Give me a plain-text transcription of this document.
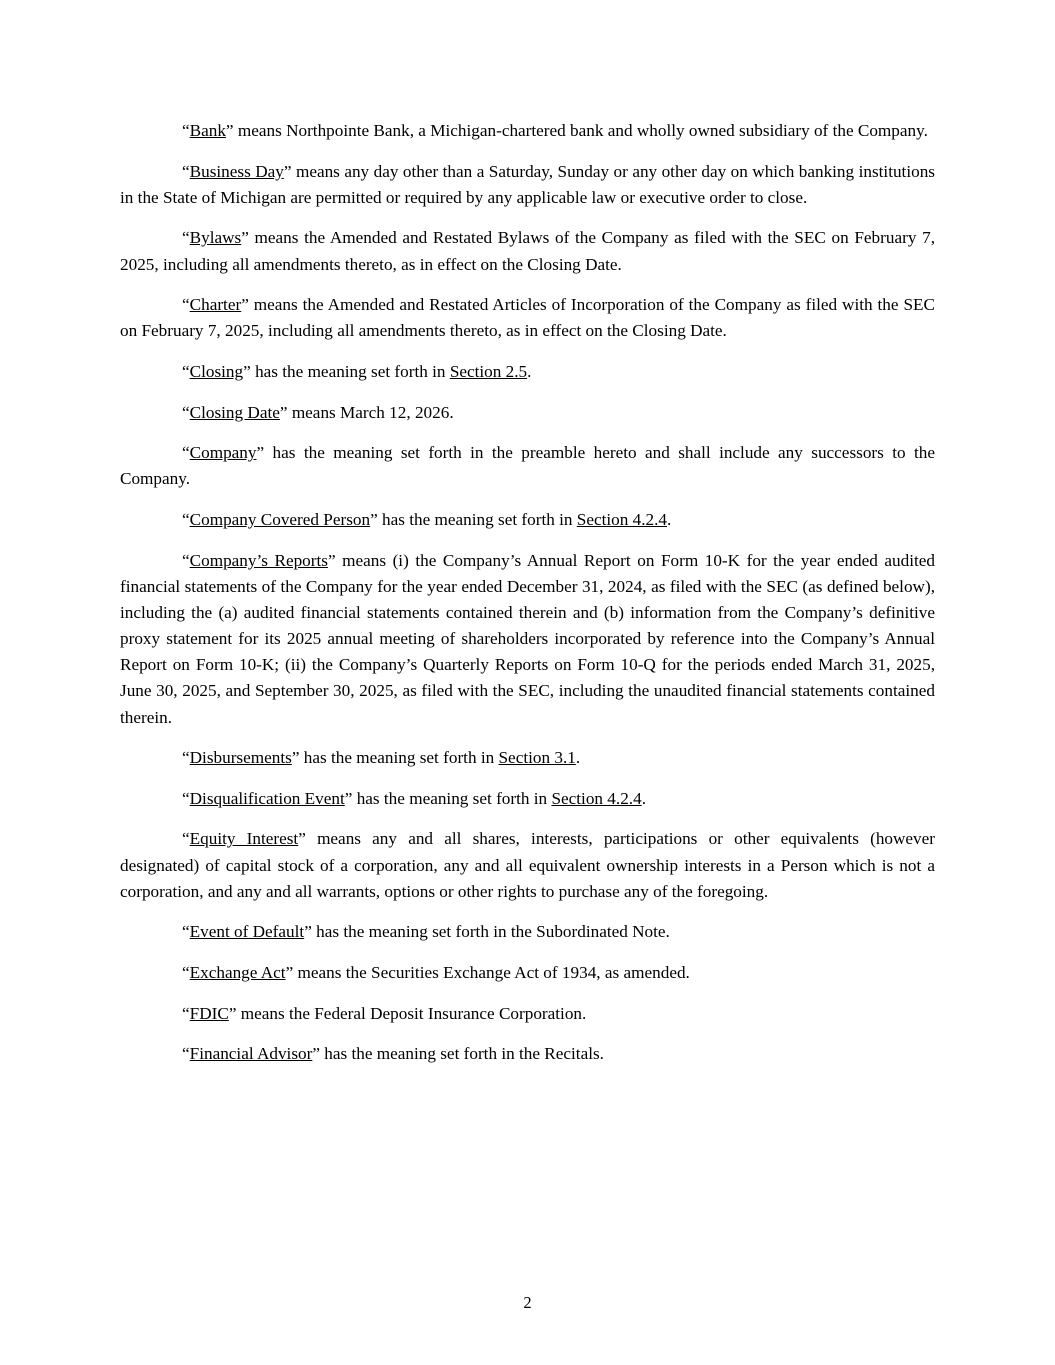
“Bank” means Northpointe Bank, a Michigan-chartered bank and wholly owned subsidiary of the Company.

“Business Day” means any day other than a Saturday, Sunday or any other day on which banking institutions in the State of Michigan are permitted or required by any applicable law or executive order to close.

“Bylaws” means the Amended and Restated Bylaws of the Company as filed with the SEC on February 7, 2025, including all amendments thereto, as in effect on the Closing Date.

“Charter” means the Amended and Restated Articles of Incorporation of the Company as filed with the SEC on February 7, 2025, including all amendments thereto, as in effect on the Closing Date.

“Closing” has the meaning set forth in Section 2.5.

“Closing Date” means March 12, 2026.

“Company” has the meaning set forth in the preamble hereto and shall include any successors to the Company.

“Company Covered Person” has the meaning set forth in Section 4.2.4.

“Company’s Reports” means (i) the Company’s Annual Report on Form 10-K for the year ended audited financial statements of the Company for the year ended December 31, 2024, as filed with the SEC (as defined below), including the (a) audited financial statements contained therein and (b) information from the Company’s definitive proxy statement for its 2025 annual meeting of shareholders incorporated by reference into the Company’s Annual Report on Form 10-K; (ii) the Company’s Quarterly Reports on Form 10-Q for the periods ended March 31, 2025, June 30, 2025, and September 30, 2025, as filed with the SEC, including the unaudited financial statements contained therein.

“Disbursements” has the meaning set forth in Section 3.1.

“Disqualification Event” has the meaning set forth in Section 4.2.4.

“Equity Interest” means any and all shares, interests, participations or other equivalents (however designated) of capital stock of a corporation, any and all equivalent ownership interests in a Person which is not a corporation, and any and all warrants, options or other rights to purchase any of the foregoing.

“Event of Default” has the meaning set forth in the Subordinated Note.

“Exchange Act” means the Securities Exchange Act of 1934, as amended.

“FDIC” means the Federal Deposit Insurance Corporation.

“Financial Advisor” has the meaning set forth in the Recitals.

2
